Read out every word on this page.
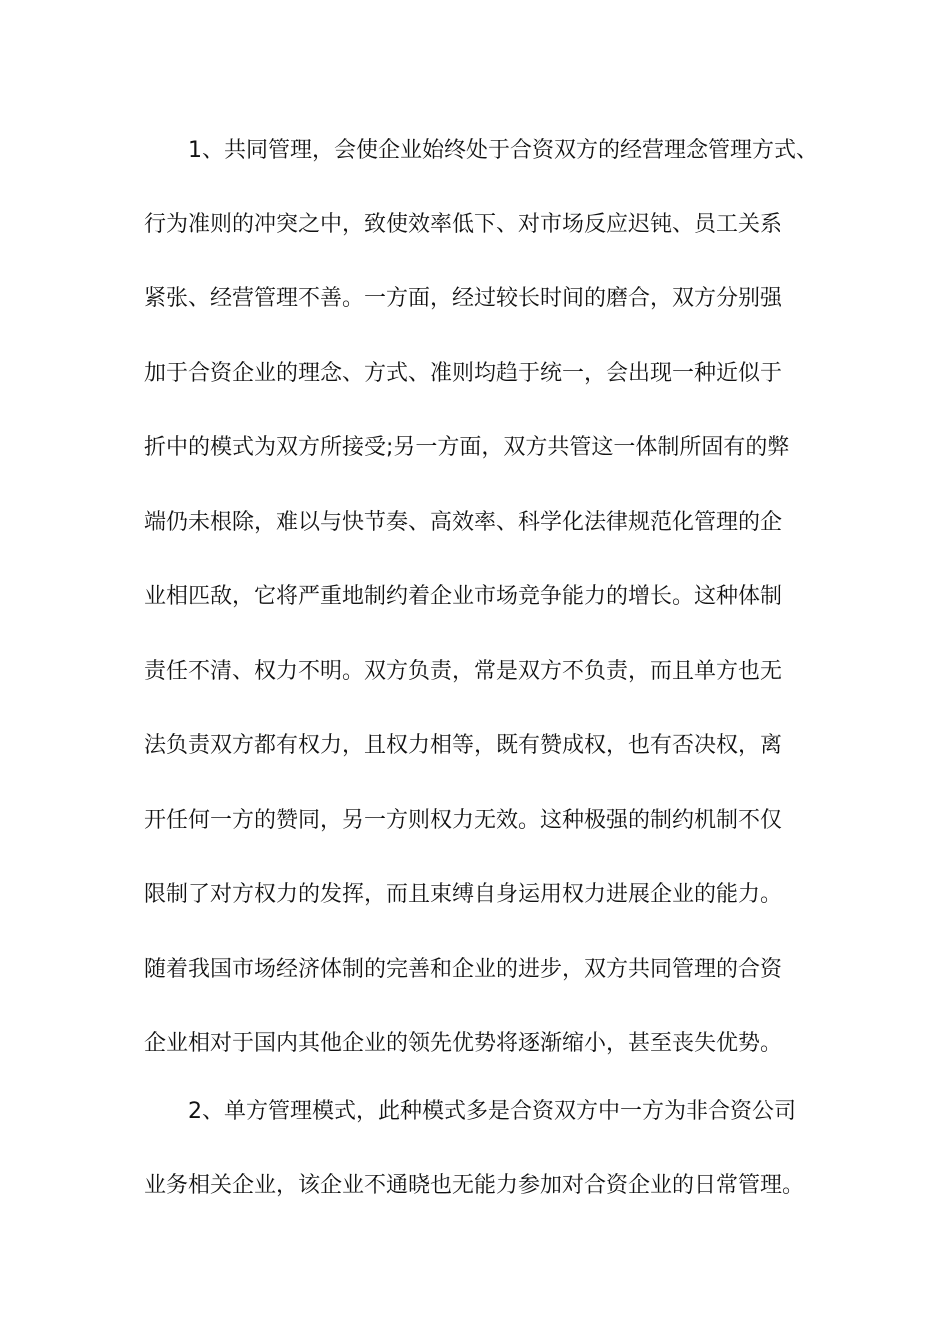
1、共同管理，会使企业始终处于合资双方的经营理念管理方式、
行为准则的冲突之中，致使效率低下、对市场反应迟钝、员工关系
紧张、经营管理不善。一方面，经过较长时间的磨合，双方分别强
加于合资企业的理念、方式、准则均趋于统一，会出现一种近似于
折中的模式为双方所接受;另一方面，双方共管这一体制所固有的弊
端仍未根除，难以与快节奏、高效率、科学化法律规范化管理的企
业相匹敌，它将严重地制约着企业市场竞争能力的增长。这种体制
责任不清、权力不明。双方负责，常是双方不负责，而且单方也无
法负责双方都有权力，且权力相等，既有赞成权，也有否决权，离
开任何一方的赞同，另一方则权力无效。这种极强的制约机制不仅
限制了对方权力的发挥，而且束缚自身运用权力进展企业的能力。
随着我国市场经济体制的完善和企业的进步，双方共同管理的合资
企业相对于国内其他企业的领先优势将逐渐缩小，甚至丧失优势。
2、单方管理模式，此种模式多是合资双方中一方为非合资公司
业务相关企业，该企业不通晓也无能力参加对合资企业的日常管理。
